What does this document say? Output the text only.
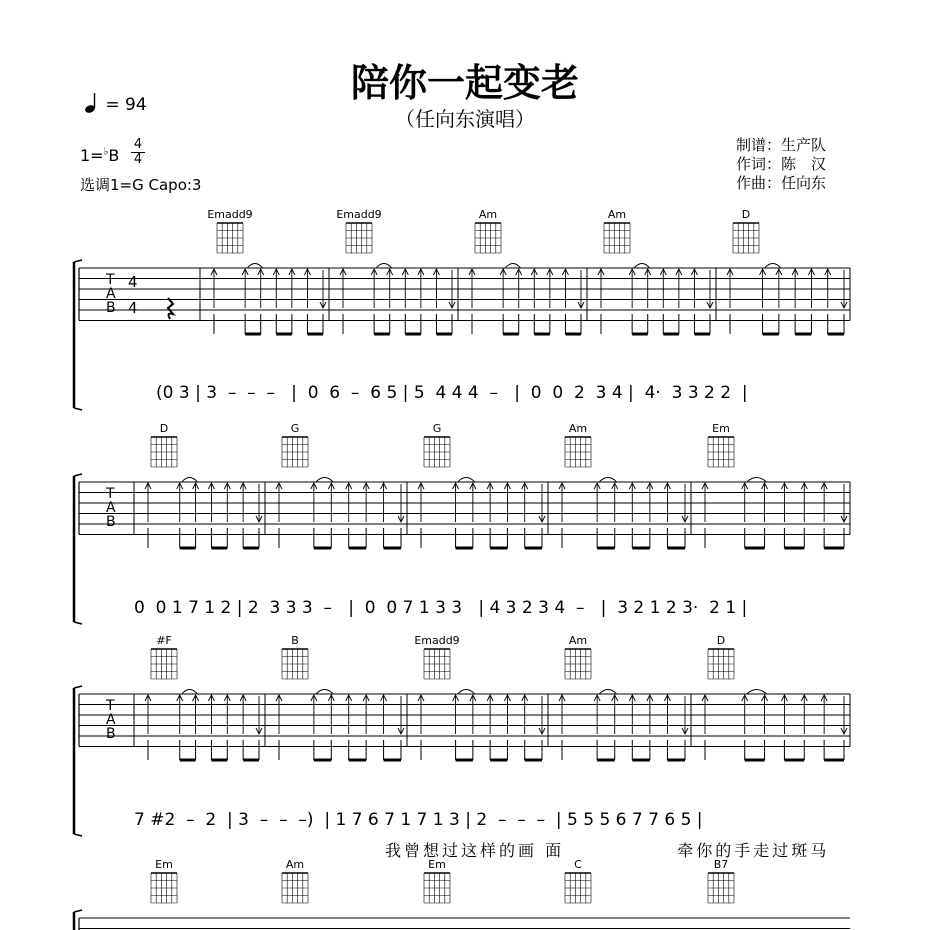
陪你一起变老
（任向东演唱）
= 94
1=♭B
4
4
选调1=G Capo:3
制谱：生产队
作词：陈　汉
作曲：任向东
T
A
B
4
4
Emadd9	Emadd9	Am	Am	D
T
A
B
D	G	G	Am	Em
T
A
B
#F	B	Emadd9	Am	D
Em	Am	Em	C	B7
(0 3 | 3  –  –  –   |  0  6  –  6 5 | 5  4 4 4  –   |  0  0  2  3 4 |  4·  3 3 2 2  |
0  0 1 7 1 2 | 2  3 3 3  –   |  0  0 7 1 3 3   | 4 3 2 3 4  –   |  3 2 1 2 3·  2 1 |
7 #2  –  2  | 3  –  –  –)  | 1 7 6 7 1 7 1 3 | 2  –  –  –  | 5 5 5 6 7 7 6 5 |
我曾想过这样的画 面              牵你的手走过斑马
